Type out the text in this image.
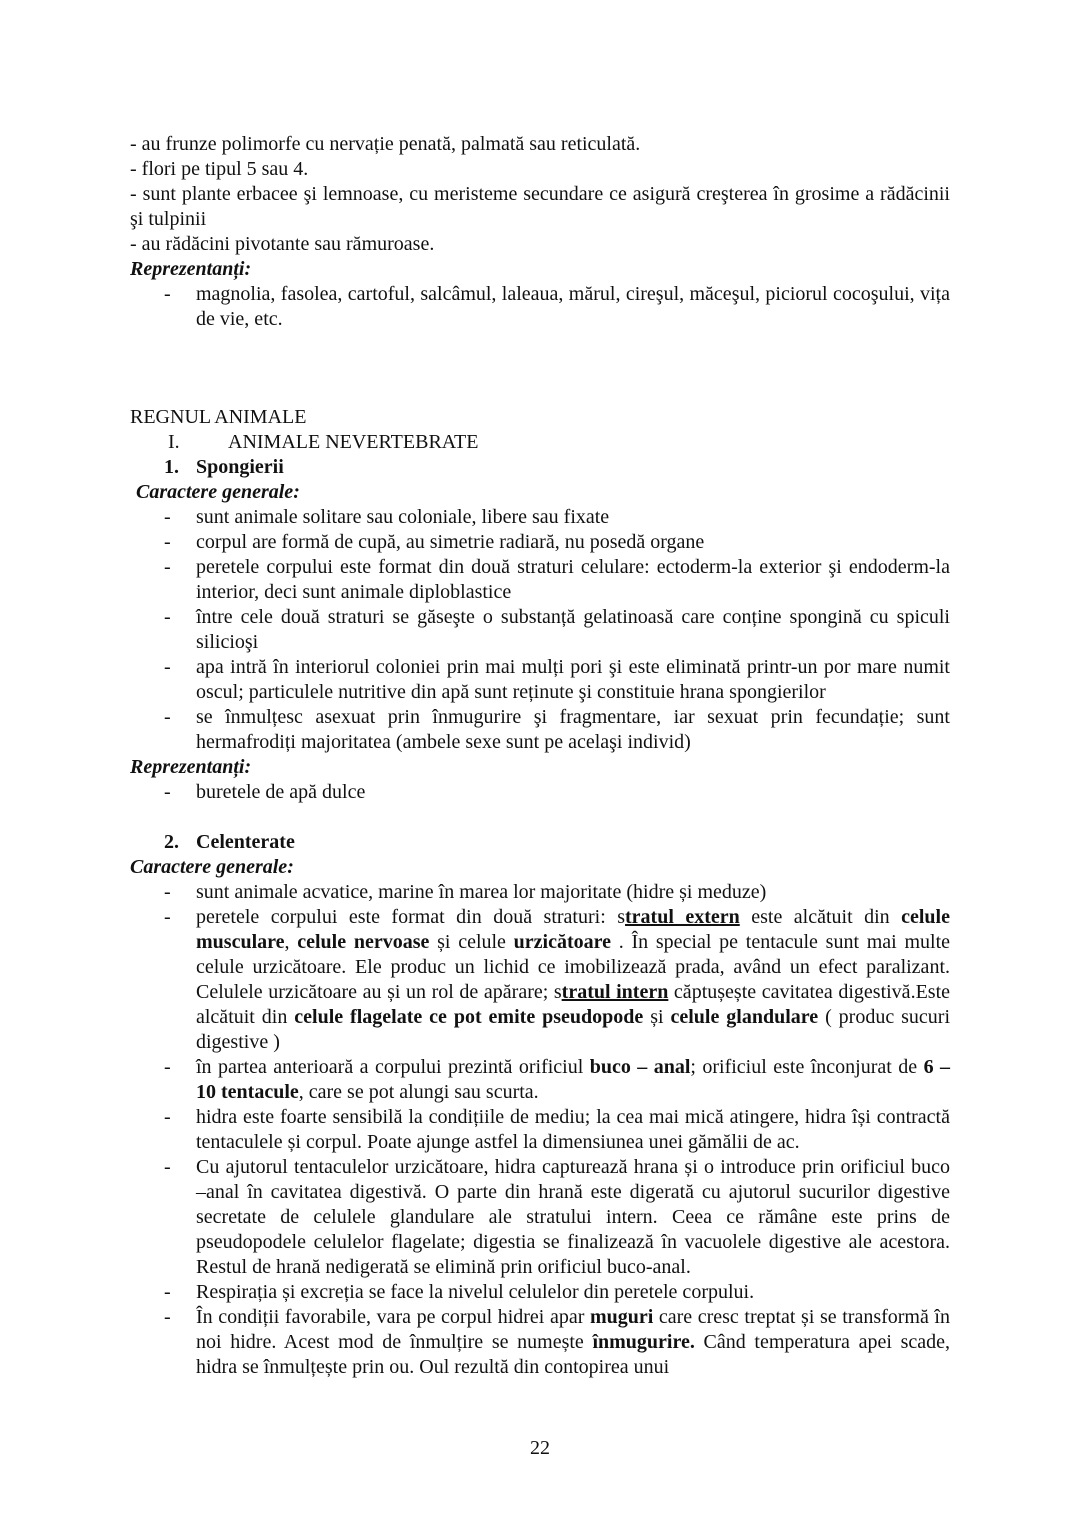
- au frunze polimorfe cu nervație penată, palmată sau reticulată.
- flori pe tipul 5 sau 4.
- sunt plante erbacee şi lemnoase, cu meristeme secundare ce asigură creşterea în grosime a rădăcinii şi tulpinii
- au rădăcini pivotante sau rămuroase.
Reprezentanți:
- magnolia, fasolea, cartoful, salcâmul, laleaua, mărul, cireşul, măceşul, piciorul cocoşului, vița de vie, etc.
REGNUL ANIMALE
I. ANIMALE NEVERTEBRATE
1. Spongierii
Caractere generale:
- sunt animale solitare sau coloniale, libere sau fixate
- corpul are formă de cupă, au simetrie radiară, nu posedă organe
- peretele corpului este format din două straturi celulare: ectoderm-la exterior şi endoderm-la interior, deci sunt animale diploblastice
- între cele două straturi se găseşte o substanță gelatinoasă care conține spongină cu spiculi silicioşi
- apa intră în interiorul coloniei prin mai mulți pori şi este eliminată printr-un por mare numit oscul; particulele nutritive din apă sunt reținute şi constituie hrana spongierilor
- se înmulțesc asexuat prin înmugurire şi fragmentare, iar sexuat prin fecundație; sunt hermafrodiți majoritatea (ambele sexe sunt pe acelaşi individ)
Reprezentanți:
- buretele de apă dulce
2. Celenterate
Caractere generale:
- sunt animale acvatice, marine în marea lor majoritate (hidre și meduze)
- peretele corpului este format din două straturi: stratul extern este alcătuit din celule musculare, celule nervoase și celule urzicătoare . În special pe tentacule sunt mai multe celule urzicătoare. Ele produc un lichid ce imobilizează prada, având un efect paralizant. Celulele urzicătoare au și un rol de apărare; stratul intern căptușește cavitatea digestivă.Este alcătuit din celule flagelate ce pot emite pseudopode și celule glandulare ( produc sucuri digestive )
- în partea anterioară a corpului prezintă orificiul buco – anal; orificiul este înconjurat de 6 – 10 tentacule, care se pot alungi sau scurta.
- hidra este foarte sensibilă la condițiile de mediu; la cea mai mică atingere, hidra își contractă tentaculele și corpul. Poate ajunge astfel la dimensiunea unei gămălii de ac.
- Cu ajutorul tentaculelor urzicătoare, hidra capturează hrana și o introduce prin orificiul buco –anal în cavitatea digestivă. O parte din hrană este digerată cu ajutorul sucurilor digestive secretate de celulele glandulare ale stratului intern. Ceea ce rămâne este prins de pseudopodele celulelor flagelate; digestia se finalizează în vacuolele digestive ale acestora. Restul de hrană nedigerată se elimină prin orificiul buco-anal.
- Respirația și excreția se face la nivelul celulelor din peretele corpului.
- În condiții favorabile, vara pe corpul hidrei apar muguri care cresc treptat și se transformă în noi hidre. Acest mod de înmulțire se numește înmugurire. Când temperatura apei scade, hidra se înmulțește prin ou. Oul rezultă din contopirea unui
22
